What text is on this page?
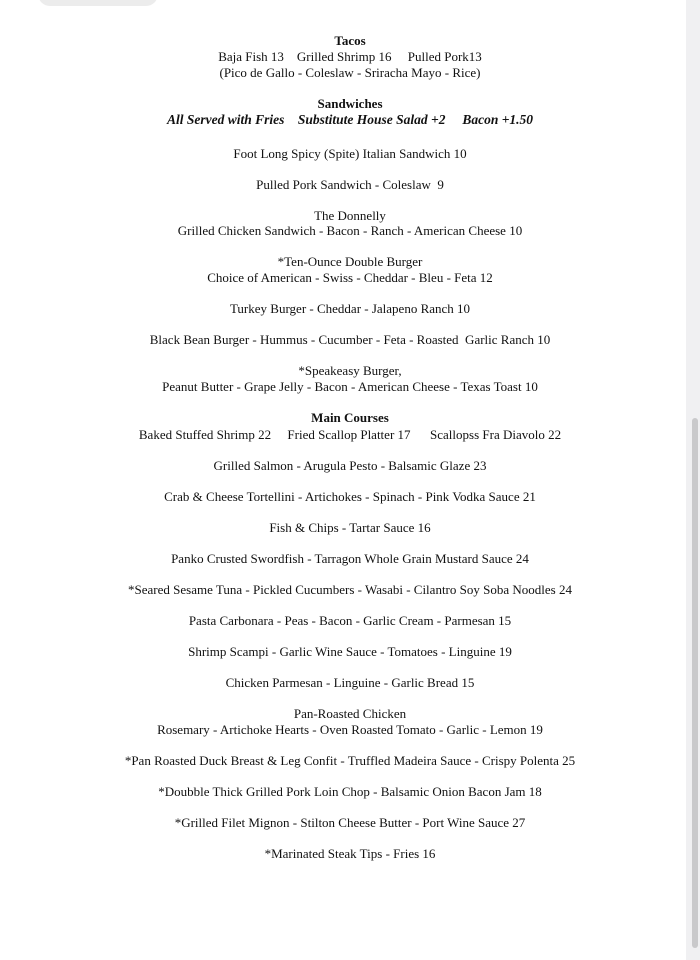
Tacos
Baja Fish 13    Grilled Shrimp 16     Pulled Pork13
(Pico de Gallo - Coleslaw - Sriracha Mayo - Rice)
Sandwiches
All Served with Fries    Substitute House Salad +2     Bacon +1.50
Foot Long Spicy (Spite) Italian Sandwich 10
Pulled Pork Sandwich - Coleslaw  9
The Donnelly
Grilled Chicken Sandwich - Bacon - Ranch - American Cheese 10
*Ten-Ounce Double Burger
Choice of American - Swiss - Cheddar - Bleu - Feta 12
Turkey Burger - Cheddar - Jalapeno Ranch 10
Black Bean Burger - Hummus - Cucumber - Feta - Roasted  Garlic Ranch 10
*Speakeasy Burger,
Peanut Butter - Grape Jelly - Bacon - American Cheese - Texas Toast 10
Main Courses
Baked Stuffed Shrimp 22     Fried Scallop Platter 17      Scallopss Fra Diavolo 22
Grilled Salmon - Arugula Pesto - Balsamic Glaze 23
Crab & Cheese Tortellini - Artichokes - Spinach - Pink Vodka Sauce 21
Fish & Chips - Tartar Sauce 16
Panko Crusted Swordfish - Tarragon Whole Grain Mustard Sauce 24
*Seared Sesame Tuna - Pickled Cucumbers - Wasabi - Cilantro Soy Soba Noodles 24
Pasta Carbonara - Peas - Bacon - Garlic Cream - Parmesan 15
Shrimp Scampi - Garlic Wine Sauce - Tomatoes - Linguine 19
Chicken Parmesan - Linguine - Garlic Bread 15
Pan-Roasted Chicken
Rosemary - Artichoke Hearts - Oven Roasted Tomato - Garlic - Lemon 19
*Pan Roasted Duck Breast & Leg Confit - Truffled Madeira Sauce - Crispy Polenta 25
*Doubble Thick Grilled Pork Loin Chop - Balsamic Onion Bacon Jam 18
*Grilled Filet Mignon - Stilton Cheese Butter - Port Wine Sauce 27
*Marinated Steak Tips - Fries 16
